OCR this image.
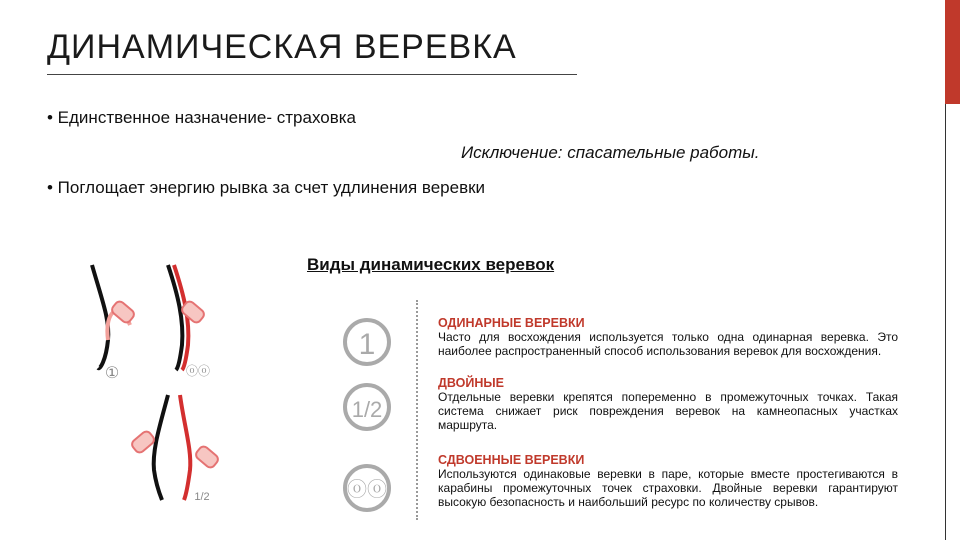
ДИНАМИЧЕСКАЯ ВЕРЕВКА
• Единственное назначение- страховка
Исключение: спасательные работы.
• Поглощает энергию рывка за счет удлинения веревки
Виды динамических веревок
①	ⓞⓞ
1/2
1
1/2
ⓞⓞ
ОДИНАРНЫЕ ВЕРЕВКИ
Часто для восхождения используется только одна одинарная веревка. Это наиболее распространенный способ использования веревок для восхождения.
ДВОЙНЫЕ
Отдельные веревки крепятся попеременно в промежуточных точках. Такая система снижает риск повреждения веревок на камнеопасных участках маршрута.
СДВОЕННЫЕ ВЕРЕВКИ
Используются одинаковые веревки в паре, которые вместе простегиваются в карабины промежуточных точек страховки. Двойные веревки гарантируют высокую безопасность и наибольший ресурс по количеству срывов.
